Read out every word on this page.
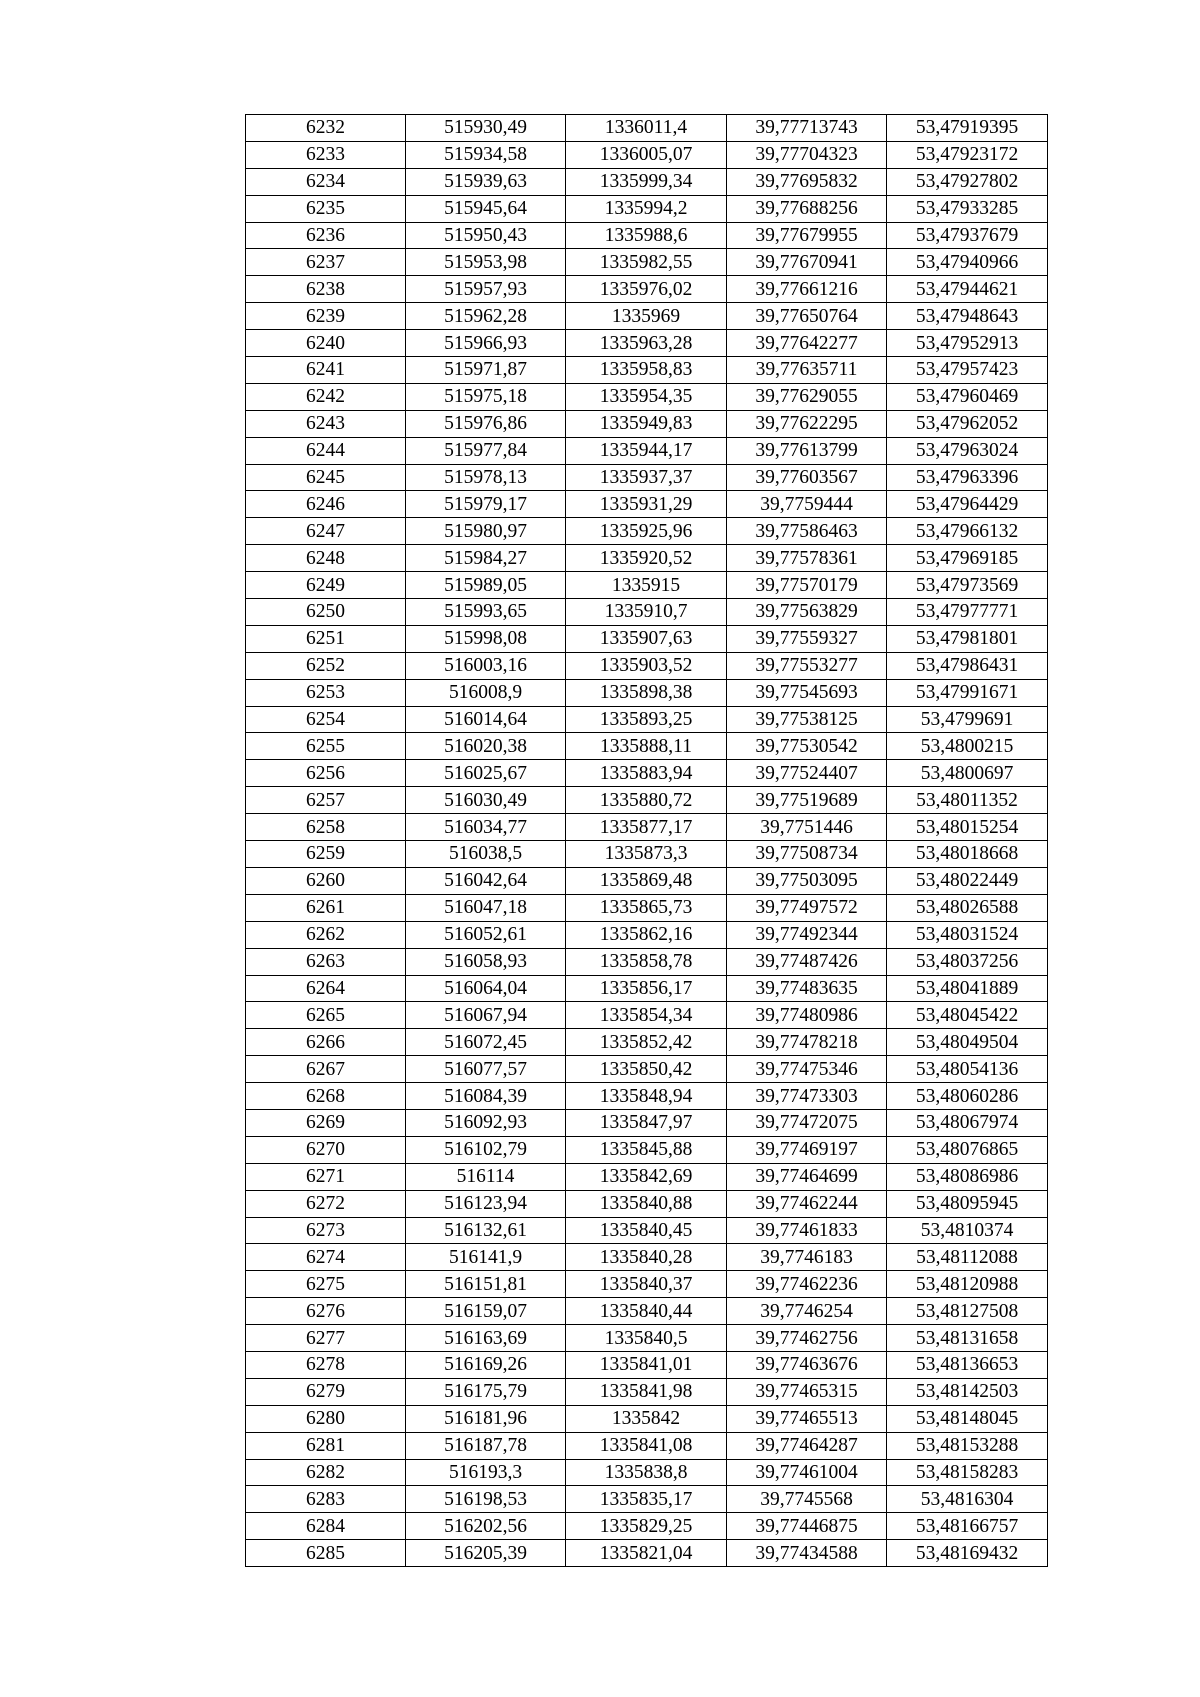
6232	515930,49	1336011,4	39,77713743	53,47919395
6233	515934,58	1336005,07	39,77704323	53,47923172
6234	515939,63	1335999,34	39,77695832	53,47927802
6235	515945,64	1335994,2	39,77688256	53,47933285
6236	515950,43	1335988,6	39,77679955	53,47937679
6237	515953,98	1335982,55	39,77670941	53,47940966
6238	515957,93	1335976,02	39,77661216	53,47944621
6239	515962,28	1335969	39,77650764	53,47948643
6240	515966,93	1335963,28	39,77642277	53,47952913
6241	515971,87	1335958,83	39,77635711	53,47957423
6242	515975,18	1335954,35	39,77629055	53,47960469
6243	515976,86	1335949,83	39,77622295	53,47962052
6244	515977,84	1335944,17	39,77613799	53,47963024
6245	515978,13	1335937,37	39,77603567	53,47963396
6246	515979,17	1335931,29	39,7759444	53,47964429
6247	515980,97	1335925,96	39,77586463	53,47966132
6248	515984,27	1335920,52	39,77578361	53,47969185
6249	515989,05	1335915	39,77570179	53,47973569
6250	515993,65	1335910,7	39,77563829	53,47977771
6251	515998,08	1335907,63	39,77559327	53,47981801
6252	516003,16	1335903,52	39,77553277	53,47986431
6253	516008,9	1335898,38	39,77545693	53,47991671
6254	516014,64	1335893,25	39,77538125	53,4799691
6255	516020,38	1335888,11	39,77530542	53,4800215
6256	516025,67	1335883,94	39,77524407	53,4800697
6257	516030,49	1335880,72	39,77519689	53,48011352
6258	516034,77	1335877,17	39,7751446	53,48015254
6259	516038,5	1335873,3	39,77508734	53,48018668
6260	516042,64	1335869,48	39,77503095	53,48022449
6261	516047,18	1335865,73	39,77497572	53,48026588
6262	516052,61	1335862,16	39,77492344	53,48031524
6263	516058,93	1335858,78	39,77487426	53,48037256
6264	516064,04	1335856,17	39,77483635	53,48041889
6265	516067,94	1335854,34	39,77480986	53,48045422
6266	516072,45	1335852,42	39,77478218	53,48049504
6267	516077,57	1335850,42	39,77475346	53,48054136
6268	516084,39	1335848,94	39,77473303	53,48060286
6269	516092,93	1335847,97	39,77472075	53,48067974
6270	516102,79	1335845,88	39,77469197	53,48076865
6271	516114	1335842,69	39,77464699	53,48086986
6272	516123,94	1335840,88	39,77462244	53,48095945
6273	516132,61	1335840,45	39,77461833	53,4810374
6274	516141,9	1335840,28	39,7746183	53,48112088
6275	516151,81	1335840,37	39,77462236	53,48120988
6276	516159,07	1335840,44	39,7746254	53,48127508
6277	516163,69	1335840,5	39,77462756	53,48131658
6278	516169,26	1335841,01	39,77463676	53,48136653
6279	516175,79	1335841,98	39,77465315	53,48142503
6280	516181,96	1335842	39,77465513	53,48148045
6281	516187,78	1335841,08	39,77464287	53,48153288
6282	516193,3	1335838,8	39,77461004	53,48158283
6283	516198,53	1335835,17	39,7745568	53,4816304
6284	516202,56	1335829,25	39,77446875	53,48166757
6285	516205,39	1335821,04	39,77434588	53,48169432
